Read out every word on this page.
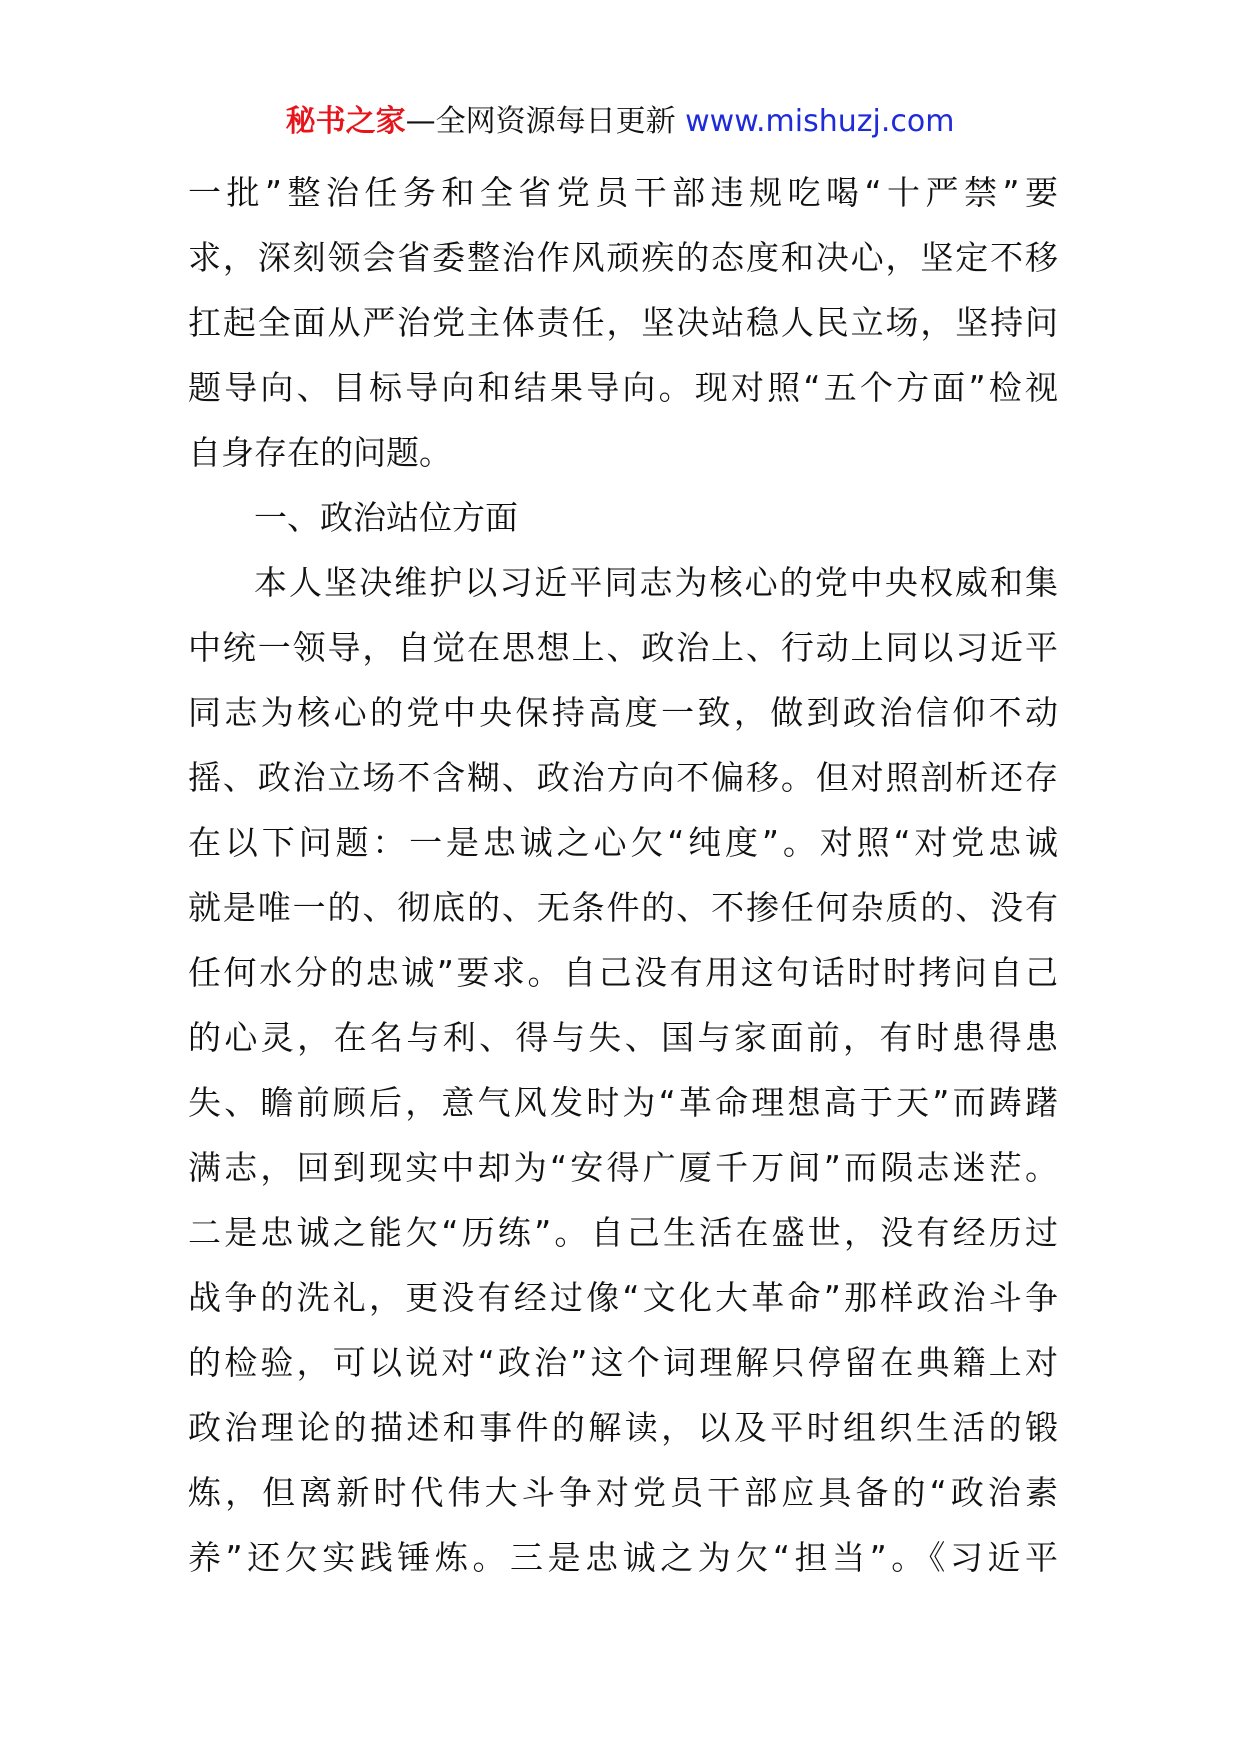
秘书之家—全网资源每日更新 www.mishuzj.com
一批”整治任务和全省党员干部违规吃喝“十严禁”要
求，深刻领会省委整治作风顽疾的态度和决心，坚定不移
扛起全面从严治党主体责任，坚决站稳人民立场，坚持问
题导向、目标导向和结果导向。现对照“五个方面”检视
自身存在的问题。
一、政治站位方面
本人坚决维护以习近平同志为核心的党中央权威和集
中统一领导，自觉在思想上、政治上、行动上同以习近平
同志为核心的党中央保持高度一致，做到政治信仰不动
摇、政治立场不含糊、政治方向不偏移。但对照剖析还存
在以下问题：一是忠诚之心欠“纯度”。对照“对党忠诚
就是唯一的、彻底的、无条件的、不掺任何杂质的、没有
任何水分的忠诚”要求。自己没有用这句话时时拷问自己
的心灵，在名与利、得与失、国与家面前，有时患得患
失、瞻前顾后，意气风发时为“革命理想高于天”而踌躇
满志，回到现实中却为“安得广厦千万间”而陨志迷茫。
二是忠诚之能欠“历练”。自己生活在盛世，没有经历过
战争的洗礼，更没有经过像“文化大革命”那样政治斗争
的检验，可以说对“政治”这个词理解只停留在典籍上对
政治理论的描述和事件的解读，以及平时组织生活的锻
炼，但离新时代伟大斗争对党员干部应具备的“政治素
养”还欠实践锤炼。三是忠诚之为欠“担当”。《习近平
